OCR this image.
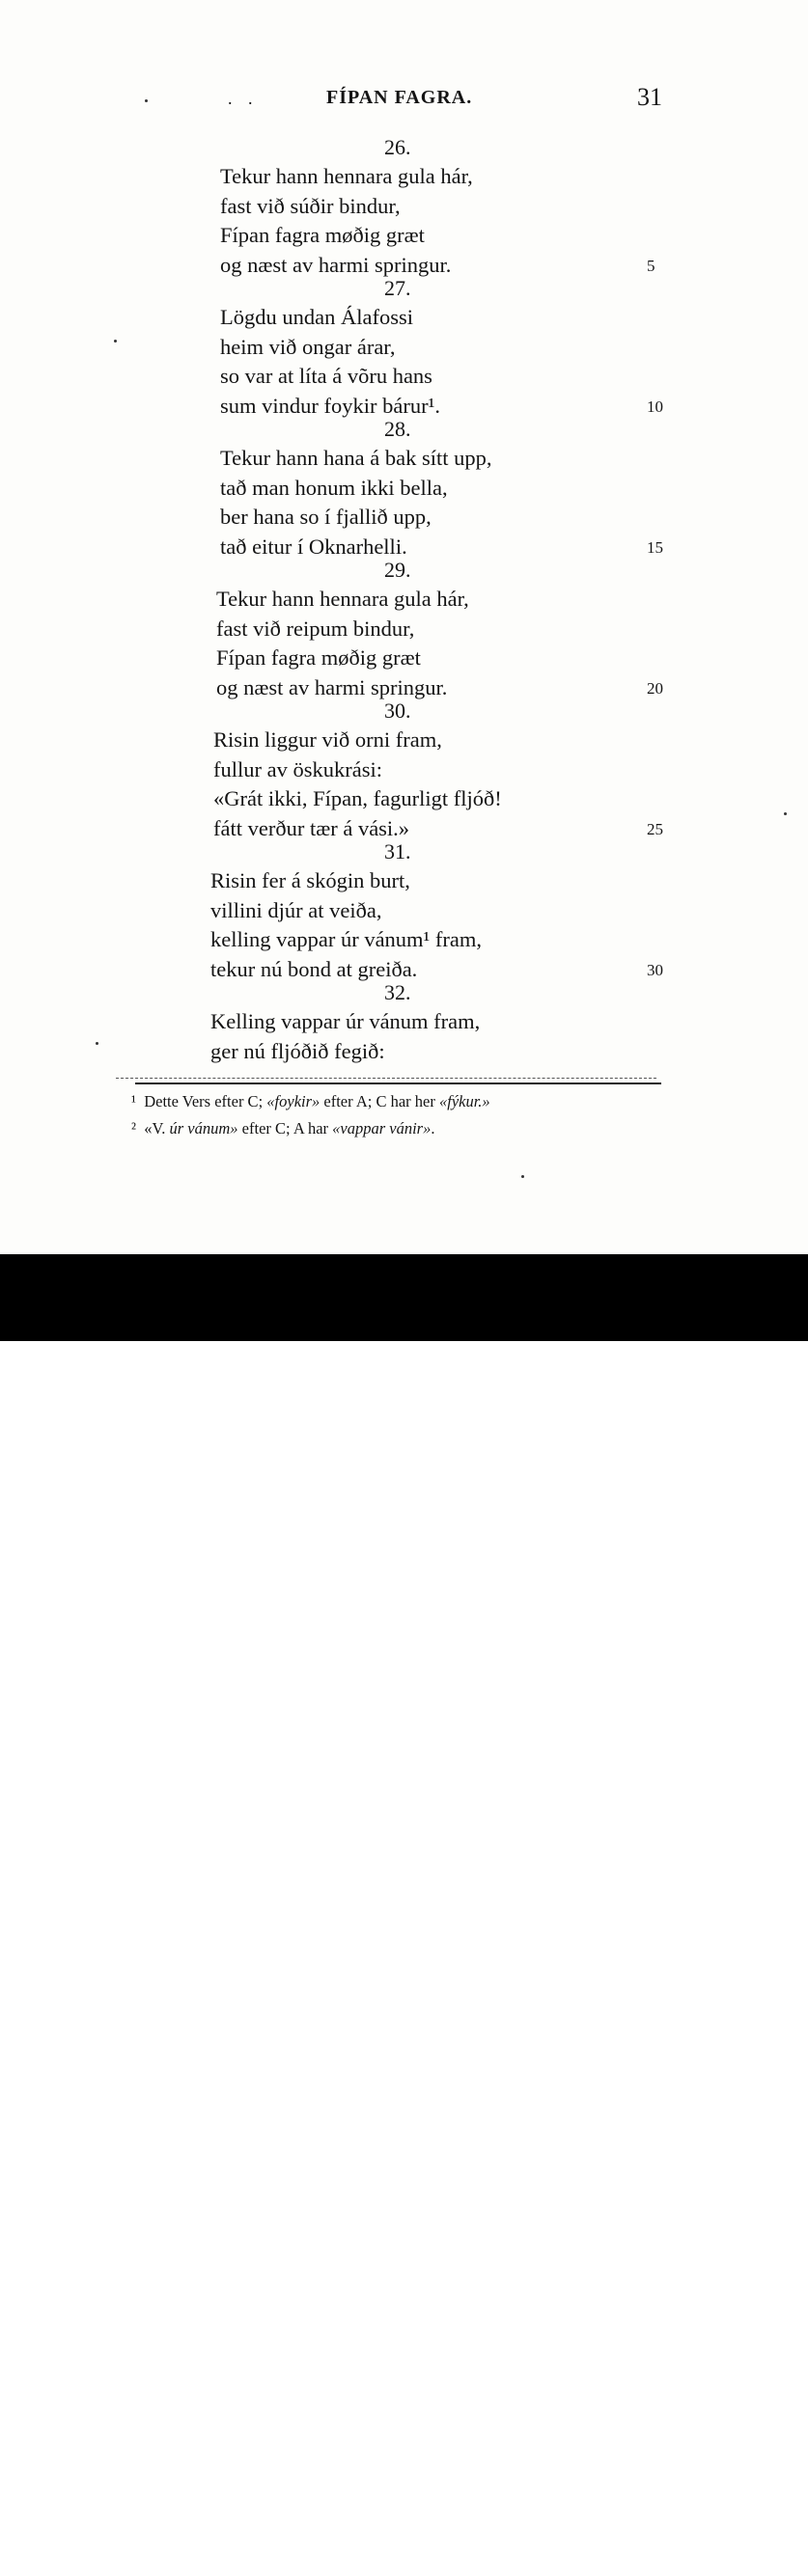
. .	FÍPAN FAGRA.	31
26.
Tekur hann hennara gula hár,
fast við súðir bindur,
Fípan fagra møðig græt
og næst av harmi springur.	5
27.
Lögdu undan Álafossi
heim við ongar árar,
so var at líta á võru hans
sum vindur foykir bárur¹.	10
28.
Tekur hann hana á bak sítt upp,
tað man honum ikki bella,
ber hana so í fjallið upp,
tað eitur í Oknarhelli.	15
29.
Tekur hann hennara gula hár,
fast við reipum bindur,
Fípan fagra møðig græt
og næst av harmi springur.	20
30.
Risin liggur við orni fram,
fullur av öskukrási:
«Grát ikki, Fípan, fagurligt fljóð!
fátt verður tær á vási.»	25
31.
Risin fer á skógin burt,
villini djúr at veiða,
kelling vappar úr vánum¹ fram,
tekur nú bond at greiða.	30
32.
Kelling vappar úr vánum fram,
ger nú fljóðið fegið:
¹ Dette Vers efter C; «foykir» efter A; C har her «fýkur.»
² «V. úr vánum» efter C; A har «vappar vánir».
alamy	Image ID: KXXF14
www.alamy.com
